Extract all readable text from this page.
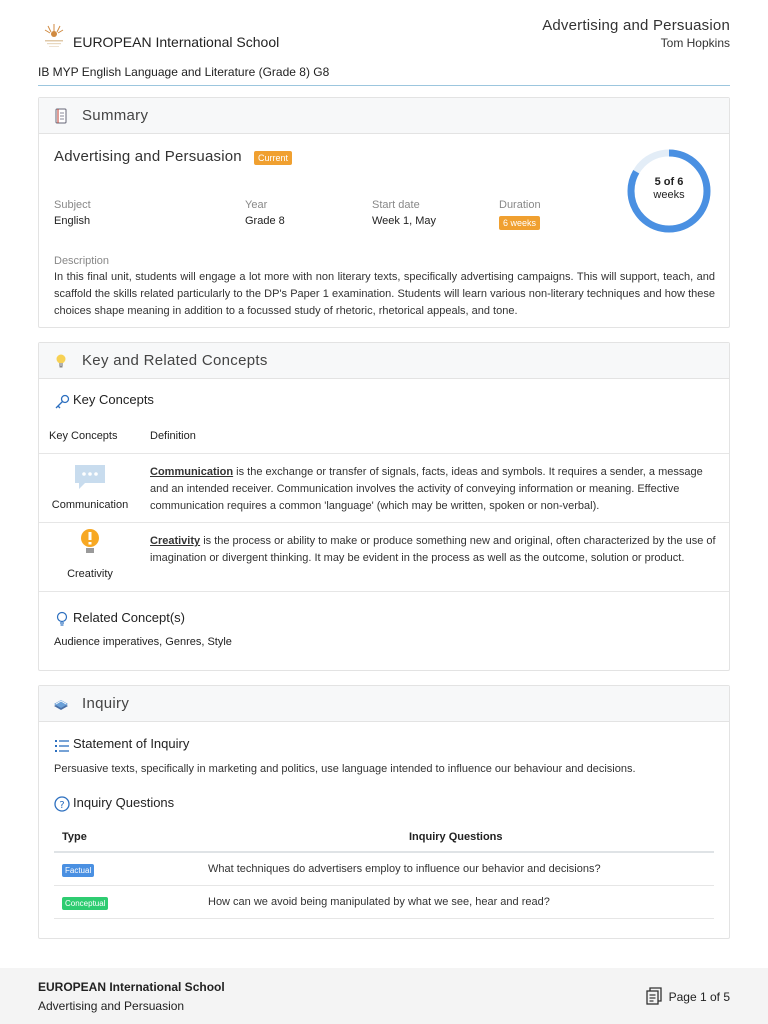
EUROPEAN International School
Advertising and Persuasion
Tom Hopkins
IB MYP English Language and Literature (Grade 8) G8
Summary
Advertising and Persuasion	Current
Subject
English
Year
Grade 8
Start date
Week 1, May
Duration
6 weeks
5 of 6
weeks
Description
In this final unit, students will engage a lot more with non literary texts, specifically advertising campaigns. This will support, teach, and scaffold the skills related particularly to the DP's Paper 1 examination. Students will learn various non-literary techniques and how these choices shape meaning in addition to a focussed study of rhetoric, rhetorical appeals, and tone.
Key and Related Concepts
Key Concepts
Key Concepts	Definition
Communication
Communication is the exchange or transfer of signals, facts, ideas and symbols. It requires a sender, a message and an intended receiver. Communication involves the activity of conveying information or meaning. Effective communication requires a common 'language' (which may be written, spoken or non-verbal).
Creativity
Creativity is the process or ability to make or produce something new and original, often characterized by the use of imagination or divergent thinking. It may be evident in the process as well as the outcome, solution or product.
Related Concept(s)
Audience imperatives, Genres, Style
Inquiry
Statement of Inquiry
Persuasive texts, specifically in marketing and politics, use language intended to influence our behaviour and decisions.
? Inquiry Questions
Type	Inquiry Questions
Factual	What techniques do advertisers employ to influence our behavior and decisions?
Conceptual	How can we avoid being manipulated by what we see, hear and read?
EUROPEAN International School
Advertising and Persuasion
Page 1 of 5
